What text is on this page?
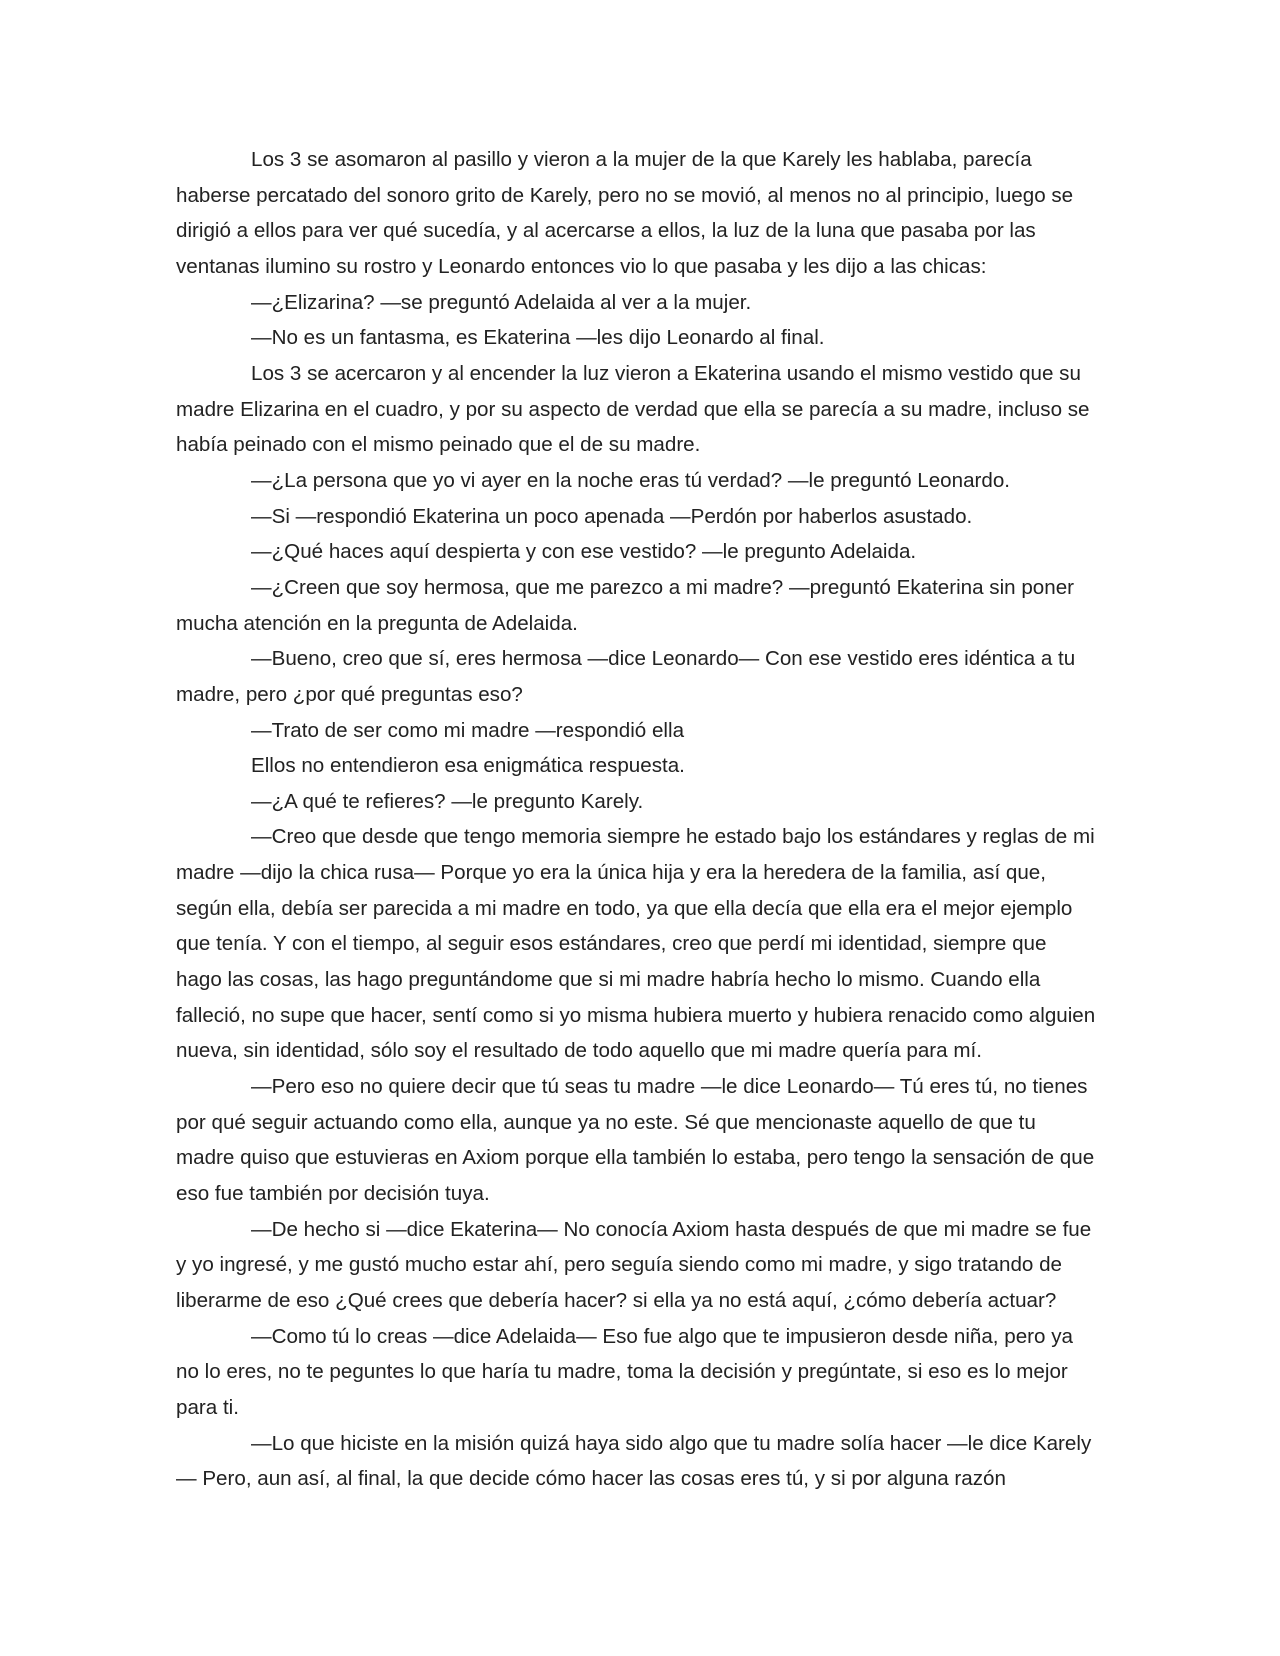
Los 3 se asomaron al pasillo y vieron a la mujer de la que Karely les hablaba, parecía haberse percatado del sonoro grito de Karely, pero no se movió, al menos no al principio, luego se dirigió a ellos para ver qué sucedía, y al acercarse a ellos, la luz de la luna que pasaba por las ventanas ilumino su rostro y Leonardo entonces vio lo que pasaba y les dijo a las chicas:

—¿Elizarina? —se preguntó Adelaida al ver a la mujer.

—No es un fantasma, es Ekaterina —les dijo Leonardo al final.

Los 3 se acercaron y al encender la luz vieron a Ekaterina usando el mismo vestido que su madre Elizarina en el cuadro, y por su aspecto de verdad que ella se parecía a su madre, incluso se había peinado con el mismo peinado que el de su madre.

—¿La persona que yo vi ayer en la noche eras tú verdad? —le preguntó Leonardo.

—Si —respondió Ekaterina un poco apenada —Perdón por haberlos asustado.

—¿Qué haces aquí despierta y con ese vestido? —le pregunto Adelaida.

—¿Creen que soy hermosa, que me parezco a mi madre? —preguntó Ekaterina sin poner mucha atención en la pregunta de Adelaida.

—Bueno, creo que sí, eres hermosa —dice Leonardo— Con ese vestido eres idéntica a tu madre, pero ¿por qué preguntas eso?

—Trato de ser como mi madre —respondió ella

Ellos no entendieron esa enigmática respuesta.

—¿A qué te refieres? —le pregunto Karely.

—Creo que desde que tengo memoria siempre he estado bajo los estándares y reglas de mi madre —dijo la chica rusa— Porque yo era la única hija y era la heredera de la familia, así que, según ella, debía ser parecida a mi madre en todo, ya que ella decía que ella era el mejor ejemplo que tenía. Y con el tiempo, al seguir esos estándares, creo que perdí mi identidad, siempre que hago las cosas, las hago preguntándome que si mi madre habría hecho lo mismo. Cuando ella falleció, no supe que hacer, sentí como si yo misma hubiera muerto y hubiera renacido como alguien nueva, sin identidad, sólo soy el resultado de todo aquello que mi madre quería para mí.

—Pero eso no quiere decir que tú seas tu madre —le dice Leonardo— Tú eres tú, no tienes por qué seguir actuando como ella, aunque ya no este. Sé que mencionaste aquello de que tu madre quiso que estuvieras en Axiom porque ella también lo estaba, pero tengo la sensación de que eso fue también por decisión tuya.

—De hecho si —dice Ekaterina— No conocía Axiom hasta después de que mi madre se fue y yo ingresé, y me gustó mucho estar ahí, pero seguía siendo como mi madre, y sigo tratando de liberarme de eso ¿Qué crees que debería hacer? si ella ya no está aquí, ¿cómo debería actuar?

—Como tú lo creas —dice Adelaida— Eso fue algo que te impusieron desde niña, pero ya no lo eres, no te peguntes lo que haría tu madre, toma la decisión y pregúntate, si eso es lo mejor para ti.

—Lo que hiciste en la misión quizá haya sido algo que tu madre solía hacer —le dice Karely— Pero, aun así, al final, la que decide cómo hacer las cosas eres tú, y si por alguna razón
